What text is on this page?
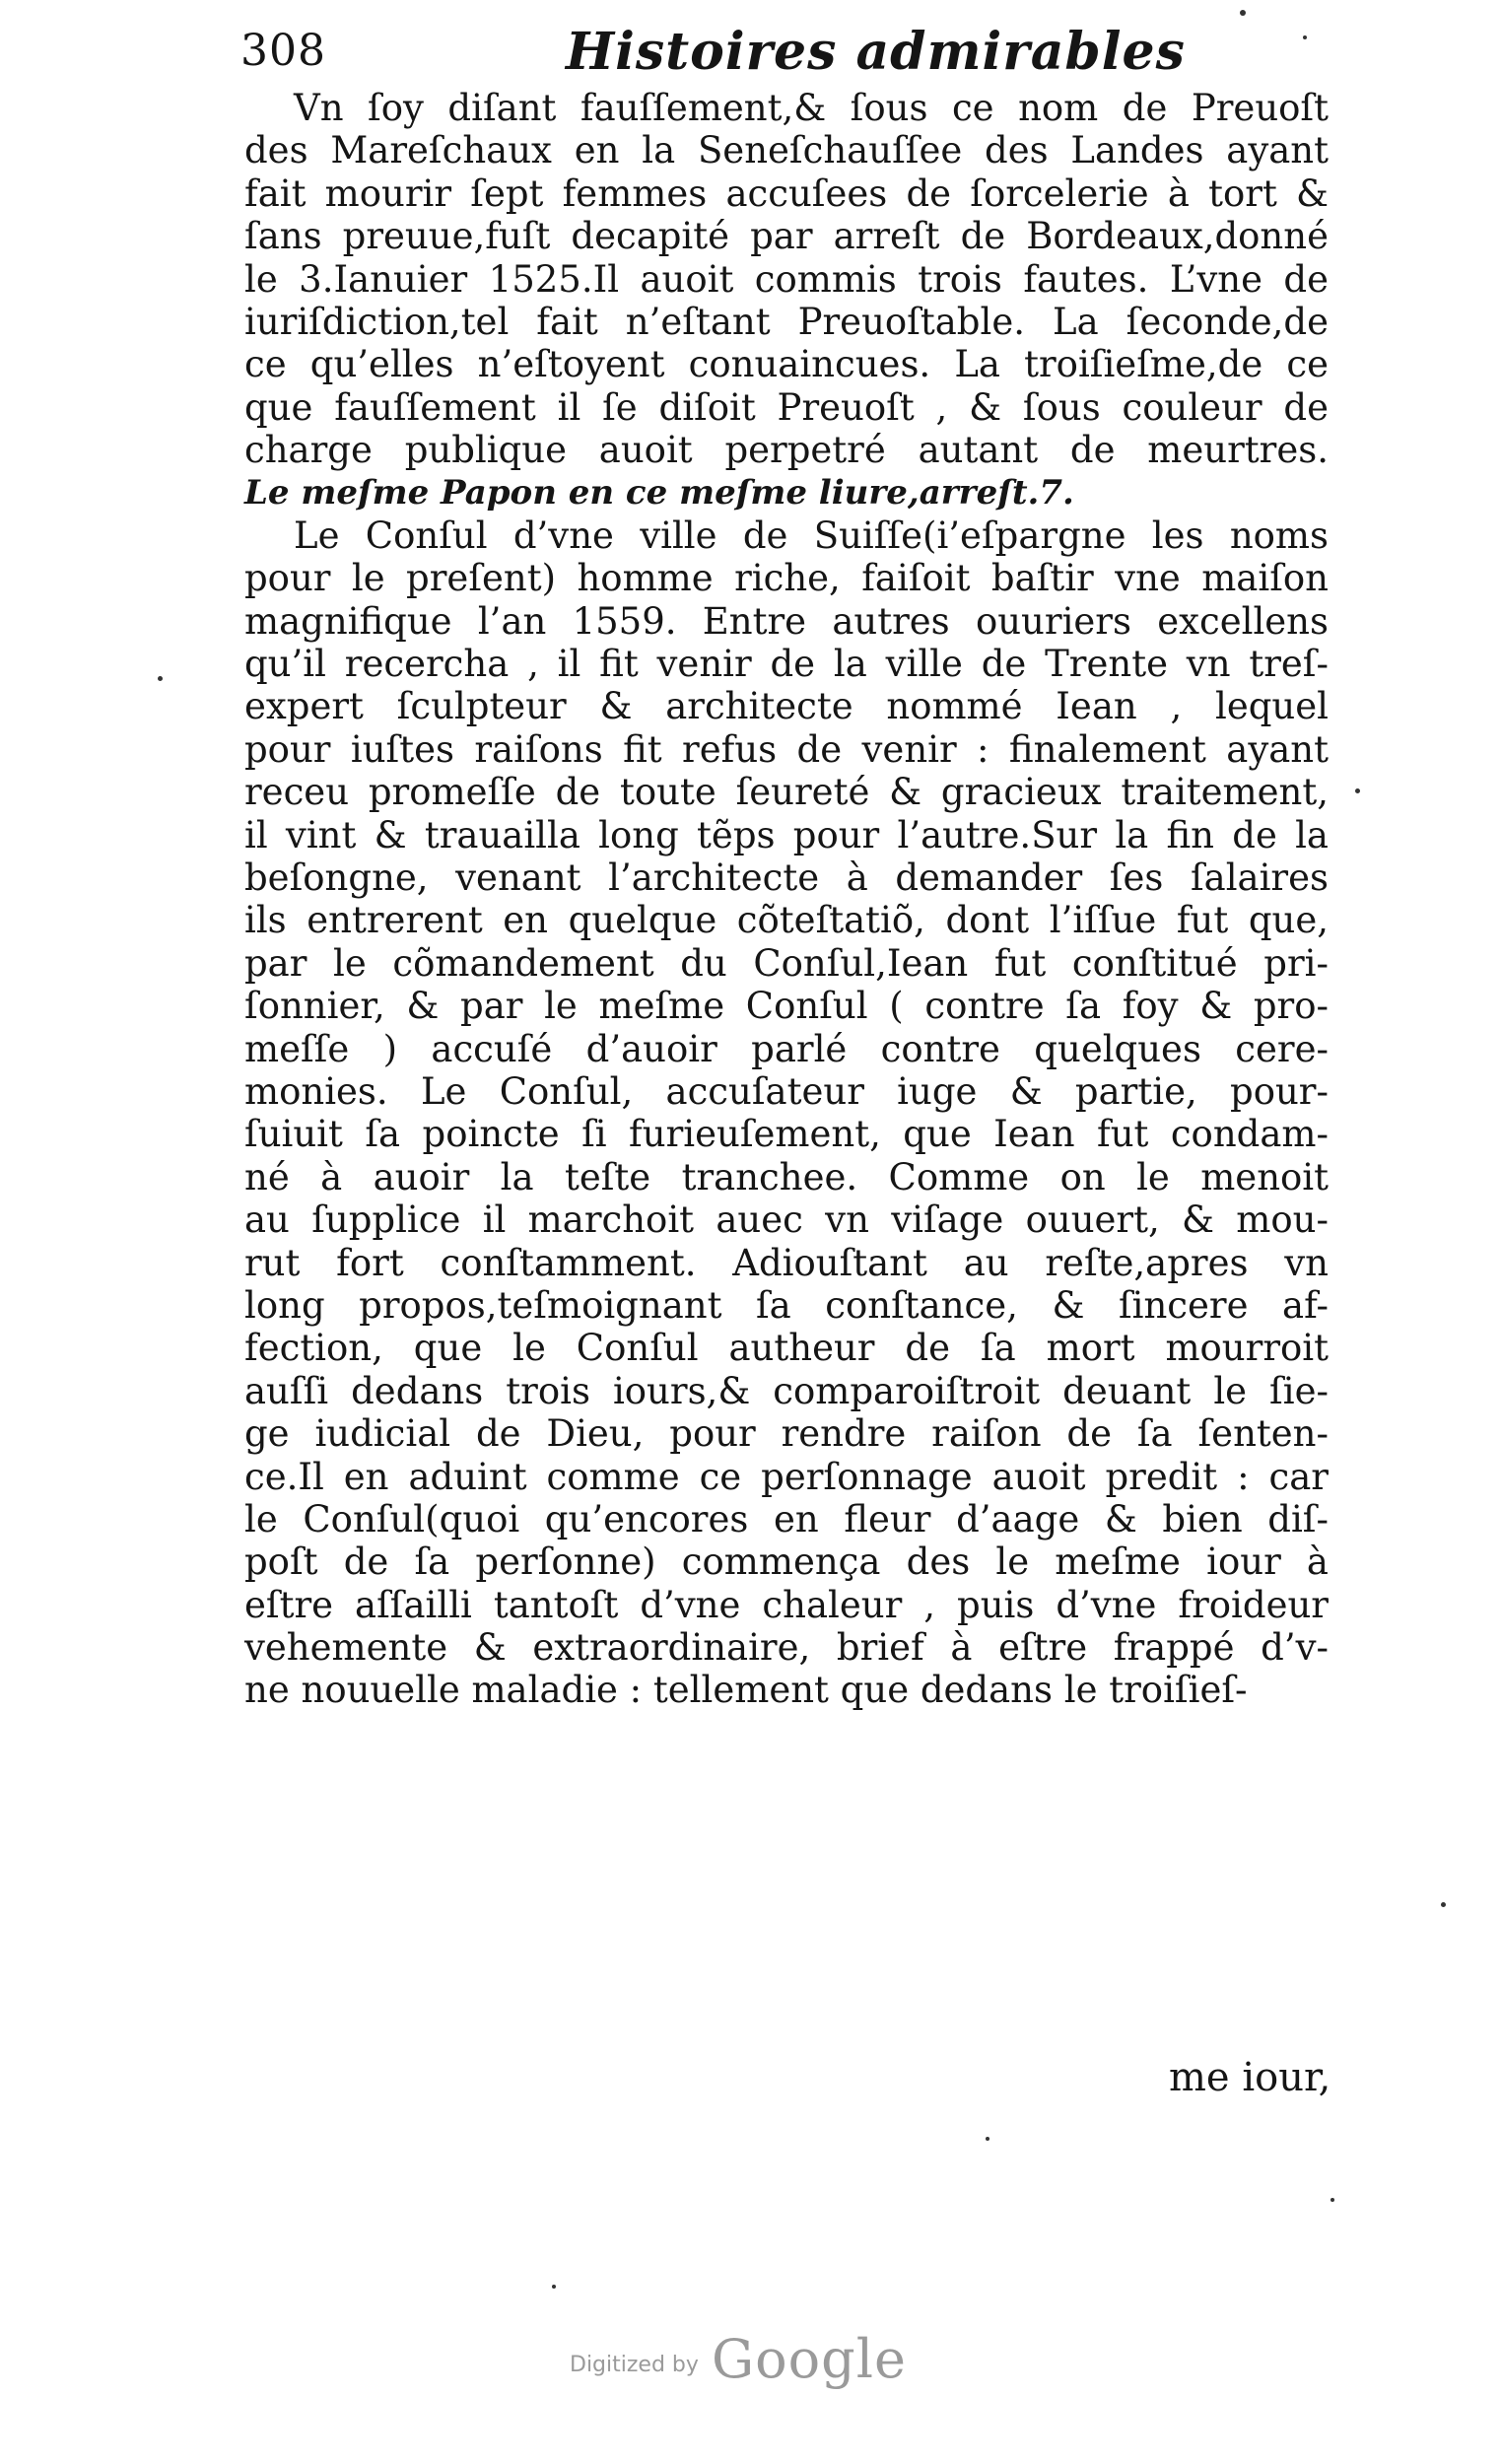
308	Histoires admirables
Vn ſoy diſant fauſſement,& ſous ce nom de Preuoſt
des Mareſchaux en la Seneſchauſſee des Landes ayant
fait mourir ſept femmes accuſees de ſorcelerie à tort &
ſans preuue,fuſt decapité par arreſt de Bordeaux,donné
le 3.Ianuier 1525.Il auoit commis trois fautes. L’vne de
iuriſdiction,tel fait n’eſtant Preuoſtable. La ſeconde,de
ce qu’elles n’eſtoyent conuaincues. La troiſieſme,de ce
que fauſſement il ſe diſoit Preuoſt , & ſous couleur de
charge publique auoit perpetré autant de meurtres.
Le meſme Papon en ce meſme liure,arreſt.7.
Le Conſul d’vne ville de Suiſſe(i’eſpargne les noms
pour le preſent) homme riche, faiſoit baſtir vne maiſon
magnifique l’an 1559. Entre autres ouuriers excellens
qu’il recercha , il fit venir de la ville de Trente vn treſ-
expert ſculpteur & architecte nommé Iean , lequel
pour iuſtes raiſons fit refus de venir : finalement ayant
receu promeſſe de toute ſeureté & gracieux traitement,
il vint & trauailla long tẽps pour l’autre.Sur la fin de la
beſongne, venant l’architecte à demander ſes ſalaires
ils entrerent en quelque cõteſtatiõ, dont l’iſſue fut que,
par le cõmandement du Conſul,Iean fut conſtitué pri-
ſonnier, & par le meſme Conſul ( contre ſa foy & pro-
meſſe ) accuſé d’auoir parlé contre quelques cere-
monies. Le Conſul, accuſateur iuge & partie, pour-
ſuiuit ſa poincte ſi furieuſement, que Iean fut condam-
né à auoir la teſte tranchee. Comme on le menoit
au ſupplice il marchoit auec vn viſage ouuert, & mou-
rut fort conſtamment. Adiouſtant au reſte,apres vn
long propos,teſmoignant ſa conſtance, & ſincere af-
fection, que le Conſul autheur de ſa mort mourroit
auſſi dedans trois iours,& comparoiſtroit deuant le ſie-
ge iudicial de Dieu, pour rendre raiſon de ſa ſenten-
ce.Il en aduint comme ce perſonnage auoit predit : car
le Conſul(quoi qu’encores en fleur d’aage & bien diſ-
poſt de ſa perſonne) commença des le meſme iour à
eſtre aſſailli tantoſt d’vne chaleur , puis d’vne froideur
vehemente & extraordinaire, brief à eſtre frappé d’v-
ne nouuelle maladie : tellement que dedans le troiſieſ-
me iour,
Digitized by Google
